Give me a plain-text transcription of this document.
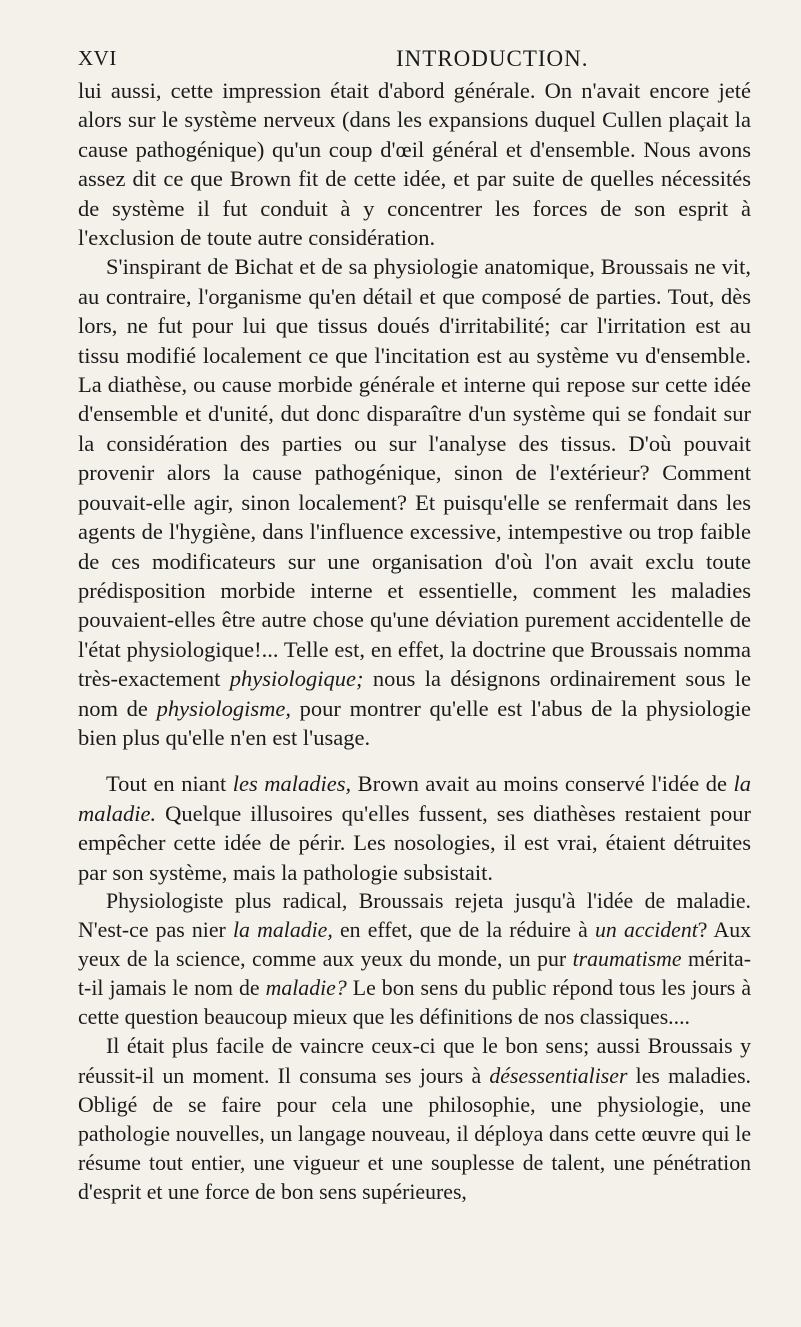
XVI	INTRODUCTION.

lui aussi, cette impression était d'abord générale. On n'avait encore jeté alors sur le système nerveux (dans les expansions duquel Cullen plaçait la cause pathogénique) qu'un coup d'œil général et d'ensemble. Nous avons assez dit ce que Brown fit de cette idée, et par suite de quelles nécessités de système il fut conduit à y concentrer les forces de son esprit à l'exclusion de toute autre considération.

S'inspirant de Bichat et de sa physiologie anatomique, Broussais ne vit, au contraire, l'organisme qu'en détail et que composé de parties. Tout, dès lors, ne fut pour lui que tissus doués d'irritabilité; car l'irritation est au tissu modifié localement ce que l'incitation est au système vu d'ensemble. La diathèse, ou cause morbide générale et interne qui repose sur cette idée d'ensemble et d'unité, dut donc disparaître d'un système qui se fondait sur la considération des parties ou sur l'analyse des tissus. D'où pouvait provenir alors la cause pathogénique, sinon de l'extérieur? Comment pouvait-elle agir, sinon localement? Et puisqu'elle se renfermait dans les agents de l'hygiène, dans l'influence excessive, intempestive ou trop faible de ces modificateurs sur une organisation d'où l'on avait exclu toute prédisposition morbide interne et essentielle, comment les maladies pouvaient-elles être autre chose qu'une déviation purement accidentelle de l'état physiologique!... Telle est, en effet, la doctrine que Broussais nomma très-exactement physiologique; nous la désignons ordinairement sous le nom de physiologisme, pour montrer qu'elle est l'abus de la physiologie bien plus qu'elle n'en est l'usage.

Tout en niant les maladies, Brown avait au moins conservé l'idée de la maladie. Quelque illusoires qu'elles fussent, ses diathèses restaient pour empêcher cette idée de périr. Les nosologies, il est vrai, étaient détruites par son système, mais la pathologie subsistait.

Physiologiste plus radical, Broussais rejeta jusqu'à l'idée de maladie. N'est-ce pas nier la maladie, en effet, que de la réduire à un accident? Aux yeux de la science, comme aux yeux du monde, un pur traumatisme mérita-t-il jamais le nom de maladie? Le bon sens du public répond tous les jours à cette question beaucoup mieux que les définitions de nos classiques....

Il était plus facile de vaincre ceux-ci que le bon sens; aussi Broussais y réussit-il un moment. Il consuma ses jours à désessentialiser les maladies. Obligé de se faire pour cela une philosophie, une physiologie, une pathologie nouvelles, un langage nouveau, il déploya dans cette œuvre qui le résume tout entier, une vigueur et une souplesse de talent, une pénétration d'esprit et une force de bon sens supérieures,
